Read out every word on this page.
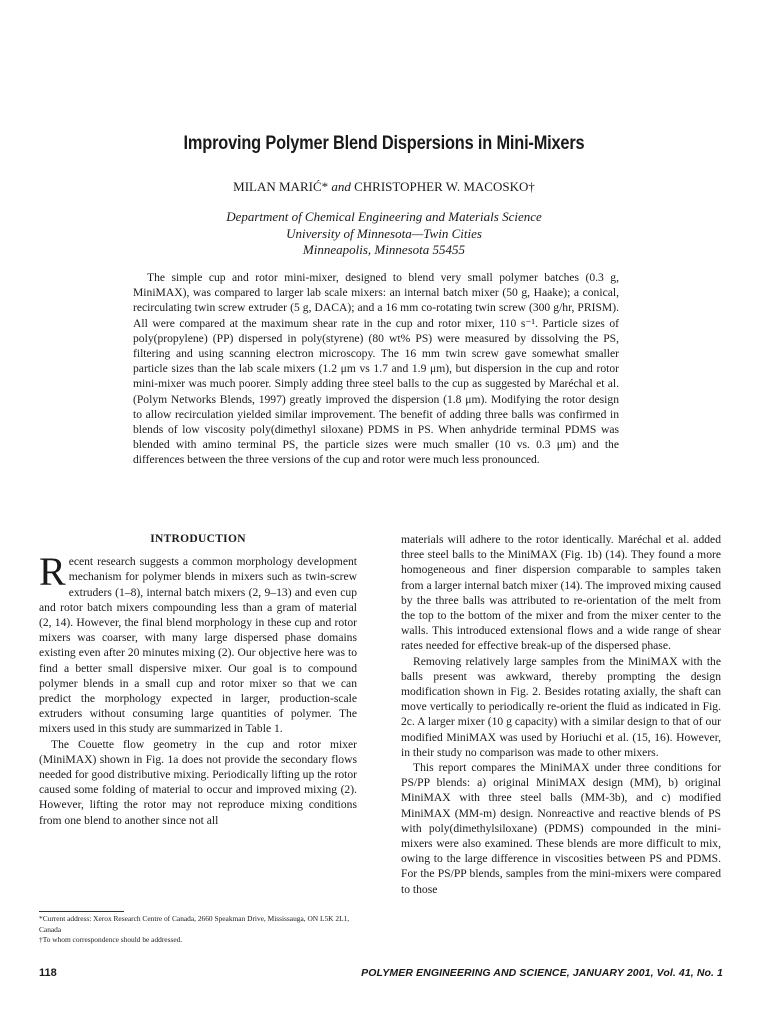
Improving Polymer Blend Dispersions in Mini-Mixers
MILAN MARIĆ* and CHRISTOPHER W. MACOSKO†
Department of Chemical Engineering and Materials Science
University of Minnesota—Twin Cities
Minneapolis, Minnesota 55455

The simple cup and rotor mini-mixer, designed to blend very small polymer batches (0.3 g, MiniMAX), was compared to larger lab scale mixers: an internal batch mixer (50 g, Haake); a conical, recirculating twin screw extruder (5 g, DACA); and a 16 mm co-rotating twin screw (300 g/hr, PRISM). All were compared at the maximum shear rate in the cup and rotor mixer, 110 s⁻¹. Particle sizes of poly(propylene) (PP) dispersed in poly(styrene) (80 wt% PS) were measured by dissolving the PS, filtering and using scanning electron microscopy. The 16 mm twin screw gave somewhat smaller particle sizes than the lab scale mixers (1.2 μm vs 1.7 and 1.9 μm), but dispersion in the cup and rotor mini-mixer was much poorer. Simply adding three steel balls to the cup as suggested by Maréchal et al. (Polym Networks Blends, 1997) greatly improved the dispersion (1.8 μm). Modifying the rotor design to allow recirculation yielded similar improvement. The benefit of adding three balls was confirmed in blends of low viscosity poly(dimethyl siloxane) PDMS in PS. When anhydride terminal PDMS was blended with amino terminal PS, the particle sizes were much smaller (10 vs. 0.3 μm) and the differences between the three versions of the cup and rotor were much less pronounced.

INTRODUCTION

Recent research suggests a common morphology development mechanism for polymer blends in mixers such as twin-screw extruders (1–8), internal batch mixers (2, 9–13) and even cup and rotor batch mixers compounding less than a gram of material (2, 14). However, the final blend morphology in these cup and rotor mixers was coarser, with many large dispersed phase domains existing even after 20 minutes mixing (2). Our objective here was to find a better small dispersive mixer. Our goal is to compound polymer blends in a small cup and rotor mixer so that we can predict the morphology expected in larger, production-scale extruders without consuming large quantities of polymer. The mixers used in this study are summarized in Table 1.

The Couette flow geometry in the cup and rotor mixer (MiniMAX) shown in Fig. 1a does not provide the secondary flows needed for good distributive mixing. Periodically lifting up the rotor caused some folding of material to occur and improved mixing (2). However, lifting the rotor may not reproduce mixing conditions from one blend to another since not all

materials will adhere to the rotor identically. Maréchal et al. added three steel balls to the MiniMAX (Fig. 1b) (14). They found a more homogeneous and finer dispersion comparable to samples taken from a larger internal batch mixer (14). The improved mixing caused by the three balls was attributed to re-orientation of the melt from the top to the bottom of the mixer and from the mixer center to the walls. This introduced extensional flows and a wide range of shear rates needed for effective break-up of the dispersed phase.

Removing relatively large samples from the MiniMAX with the balls present was awkward, thereby prompting the design modification shown in Fig. 2. Besides rotating axially, the shaft can move vertically to periodically re-orient the fluid as indicated in Fig. 2c. A larger mixer (10 g capacity) with a similar design to that of our modified MiniMAX was used by Horiuchi et al. (15, 16). However, in their study no comparison was made to other mixers.

This report compares the MiniMAX under three conditions for PS/PP blends: a) original MiniMAX design (MM), b) original MiniMAX with three steel balls (MM-3b), and c) modified MiniMAX (MM-m) design. Nonreactive and reactive blends of PS with poly(dimethylsiloxane) (PDMS) compounded in the mini-mixers were also examined. These blends are more difficult to mix, owing to the large difference in viscosities between PS and PDMS. For the PS/PP blends, samples from the mini-mixers were compared to those

*Current address: Xerox Research Centre of Canada, 2660 Speakman Drive, Mississauga, ON L5K 2L1, Canada
†To whom correspondence should be addressed.
118	POLYMER ENGINEERING AND SCIENCE, JANUARY 2001, Vol. 41, No. 1
